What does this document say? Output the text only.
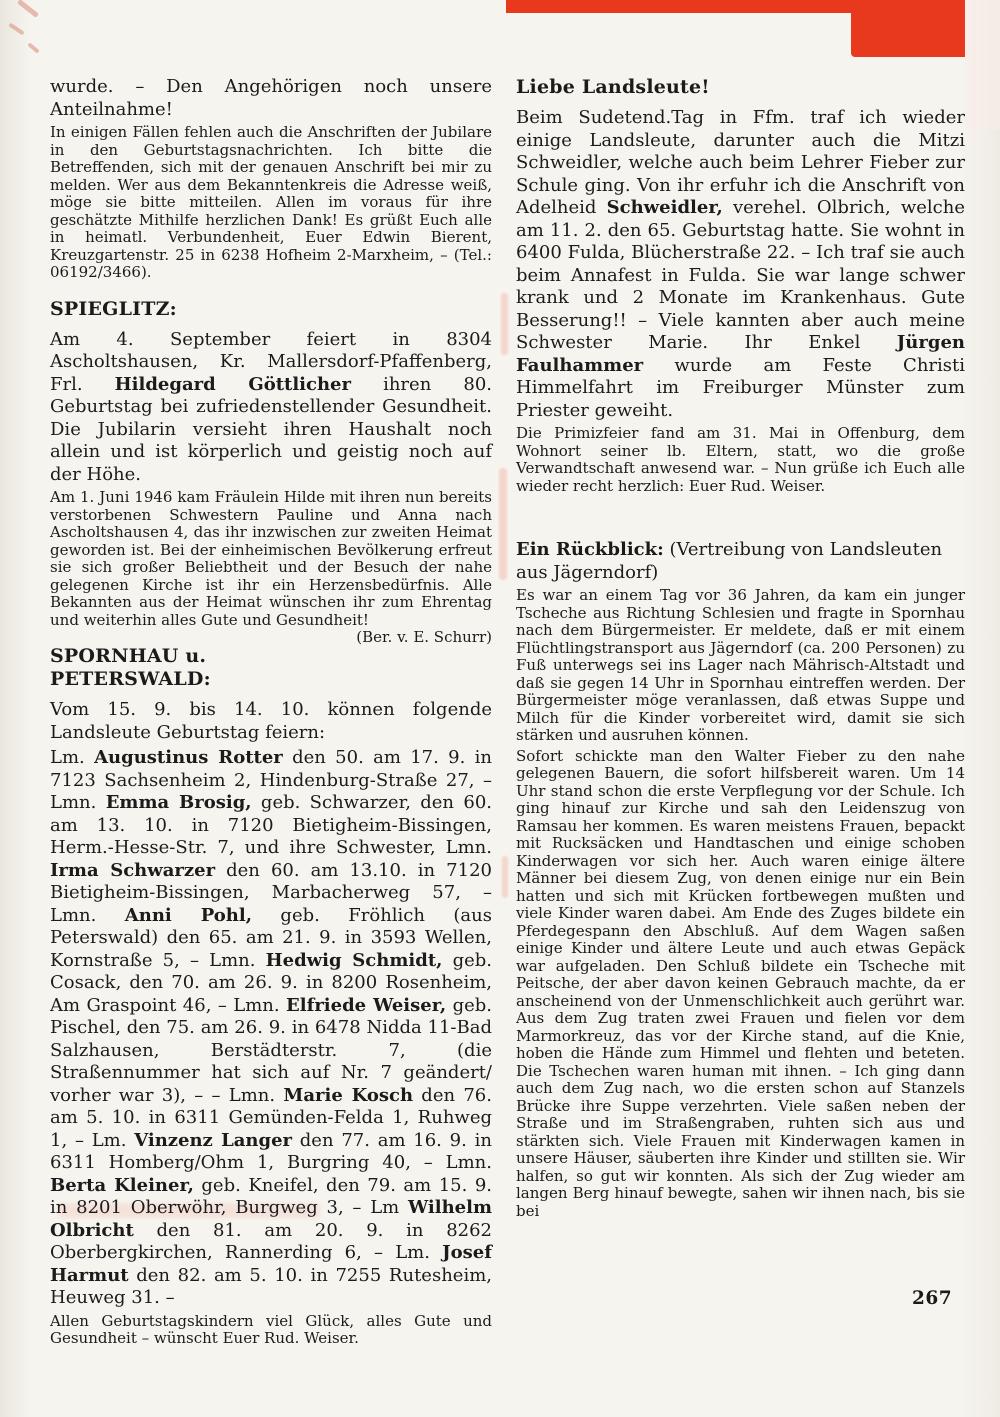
wurde. – Den Angehörigen noch unsere Anteilnahme!

In einigen Fällen fehlen auch die Anschriften der Jubilare in den Geburtstagsnachrichten. Ich bitte die Betreffenden, sich mit der genauen Anschrift bei mir zu melden. Wer aus dem Bekanntenkreis die Adresse weiß, möge sie bitte mitteilen. Allen im voraus für ihre geschätzte Mithilfe herzlichen Dank! Es grüßt Euch alle in heimatl. Verbundenheit, Euer Edwin Bierent, Kreuzgartenstr. 25 in 6238 Hofheim 2-Marxheim, – (Tel.: 06192/3466).

SPIEGLITZ:

Am 4. September feiert in 8304 Ascholtshausen, Kr. Mallersdorf-Pfaffenberg, Frl. Hildegard Göttlicher ihren 80. Geburtstag bei zufriedenstellender Gesundheit. Die Jubilarin versieht ihren Haushalt noch allein und ist körperlich und geistig noch auf der Höhe.

Am 1. Juni 1946 kam Fräulein Hilde mit ihren nun bereits verstorbenen Schwestern Pauline und Anna nach Ascholtshausen 4, das ihr inzwischen zur zweiten Heimat geworden ist. Bei der einheimischen Bevölkerung erfreut sie sich großer Beliebtheit und der Besuch der nahe gelegenen Kirche ist ihr ein Herzensbedürfnis. Alle Bekannten aus der Heimat wünschen ihr zum Ehrentag und weiterhin alles Gute und Gesundheit!
(Ber. v. E. Schurr)

SPORNHAU u. PETERSWALD:

Vom 15. 9. bis 14. 10. können folgende Landsleute Geburtstag feiern:

Lm. Augustinus Rotter den 50. am 17. 9. in 7123 Sachsenheim 2, Hindenburg-Straße 27, – Lmn. Emma Brosig, geb. Schwarzer, den 60. am 13. 10. in 7120 Bietigheim-Bissingen, Herm.-Hesse-Str. 7, und ihre Schwester, Lmn. Irma Schwarzer den 60. am 13.10. in 7120 Bietigheim-Bissingen, Marbacherweg 57, – Lmn. Anni Pohl, geb. Fröhlich (aus Peterswald) den 65. am 21. 9. in 3593 Wellen, Kornstraße 5, – Lmn. Hedwig Schmidt, geb. Cosack, den 70. am 26. 9. in 8200 Rosenheim, Am Graspoint 46, – Lmn. Elfriede Weiser, geb. Pischel, den 75. am 26. 9. in 6478 Nidda 11-Bad Salzhausen, Berstädterstr. 7, (die Straßennummer hat sich auf Nr. 7 geändert/ vorher war 3), – – Lmn. Marie Kosch den 76. am 5. 10. in 6311 Gemünden-Felda 1, Ruhweg 1, – Lm. Vinzenz Langer den 77. am 16. 9. in 6311 Homberg/Ohm 1, Burgring 40, – Lmn. Berta Kleiner, geb. Kneifel, den 79. am 15. 9. in 8201 Oberwöhr, Burgweg 3, – Lm Wilhelm Olbricht den 81. am 20. 9. in 8262 Oberbergkirchen, Rannerding 6, – Lm. Josef Harmut den 82. am 5. 10. in 7255 Rutesheim, Heuweg 31. –

Allen Geburtstagskindern viel Glück, alles Gute und Gesundheit – wünscht Euer Rud. Weiser.

Liebe Landsleute!

Beim Sudetend.Tag in Ffm. traf ich wieder einige Landsleute, darunter auch die Mitzi Schweidler, welche auch beim Lehrer Fieber zur Schule ging. Von ihr erfuhr ich die Anschrift von Adelheid Schweidler, verehel. Olbrich, welche am 11. 2. den 65. Geburtstag hatte. Sie wohnt in 6400 Fulda, Blücherstraße 22. – Ich traf sie auch beim Annafest in Fulda. Sie war lange schwer krank und 2 Monate im Krankenhaus. Gute Besserung!! – Viele kannten aber auch meine Schwester Marie. Ihr Enkel Jürgen Faulhammer wurde am Feste Christi Himmelfahrt im Freiburger Münster zum Priester geweiht.

Die Primizfeier fand am 31. Mai in Offenburg, dem Wohnort seiner lb. Eltern, statt, wo die große Verwandtschaft anwesend war. – Nun grüße ich Euch alle wieder recht herzlich: Euer Rud. Weiser.

Ein Rückblick: (Vertreibung von Landsleuten aus Jägerndorf)

Es war an einem Tag vor 36 Jahren, da kam ein junger Tscheche aus Richtung Schlesien und fragte in Spornhau nach dem Bürgermeister. Er meldete, daß er mit einem Flüchtlingstransport aus Jägerndorf (ca. 200 Personen) zu Fuß unterwegs sei ins Lager nach Mährisch-Altstadt und daß sie gegen 14 Uhr in Spornhau eintreffen werden. Der Bürgermeister möge veranlassen, daß etwas Suppe und Milch für die Kinder vorbereitet wird, damit sie sich stärken und ausruhen können.

Sofort schickte man den Walter Fieber zu den nahe gelegenen Bauern, die sofort hilfsbereit waren. Um 14 Uhr stand schon die erste Verpflegung vor der Schule. Ich ging hinauf zur Kirche und sah den Leidenszug von Ramsau her kommen. Es waren meistens Frauen, bepackt mit Rucksäcken und Handtaschen und einige schoben Kinderwagen vor sich her. Auch waren einige ältere Männer bei diesem Zug, von denen einige nur ein Bein hatten und sich mit Krücken fortbewegen mußten und viele Kinder waren dabei. Am Ende des Zuges bildete ein Pferdegespann den Abschluß. Auf dem Wagen saßen einige Kinder und ältere Leute und auch etwas Gepäck war aufgeladen. Den Schluß bildete ein Tscheche mit Peitsche, der aber davon keinen Gebrauch machte, da er anscheinend von der Unmenschlichkeit auch gerührt war. Aus dem Zug traten zwei Frauen und fielen vor dem Marmorkreuz, das vor der Kirche stand, auf die Knie, hoben die Hände zum Himmel und flehten und beteten. Die Tschechen waren human mit ihnen. – Ich ging dann auch dem Zug nach, wo die ersten schon auf Stanzels Brücke ihre Suppe verzehrten. Viele saßen neben der Straße und im Straßengraben, ruhten sich aus und stärkten sich. Viele Frauen mit Kinderwagen kamen in unsere Häuser, säuberten ihre Kinder und stillten sie. Wir halfen, so gut wir konnten. Als sich der Zug wieder am langen Berg hinauf bewegte, sahen wir ihnen nach, bis sie bei

267
